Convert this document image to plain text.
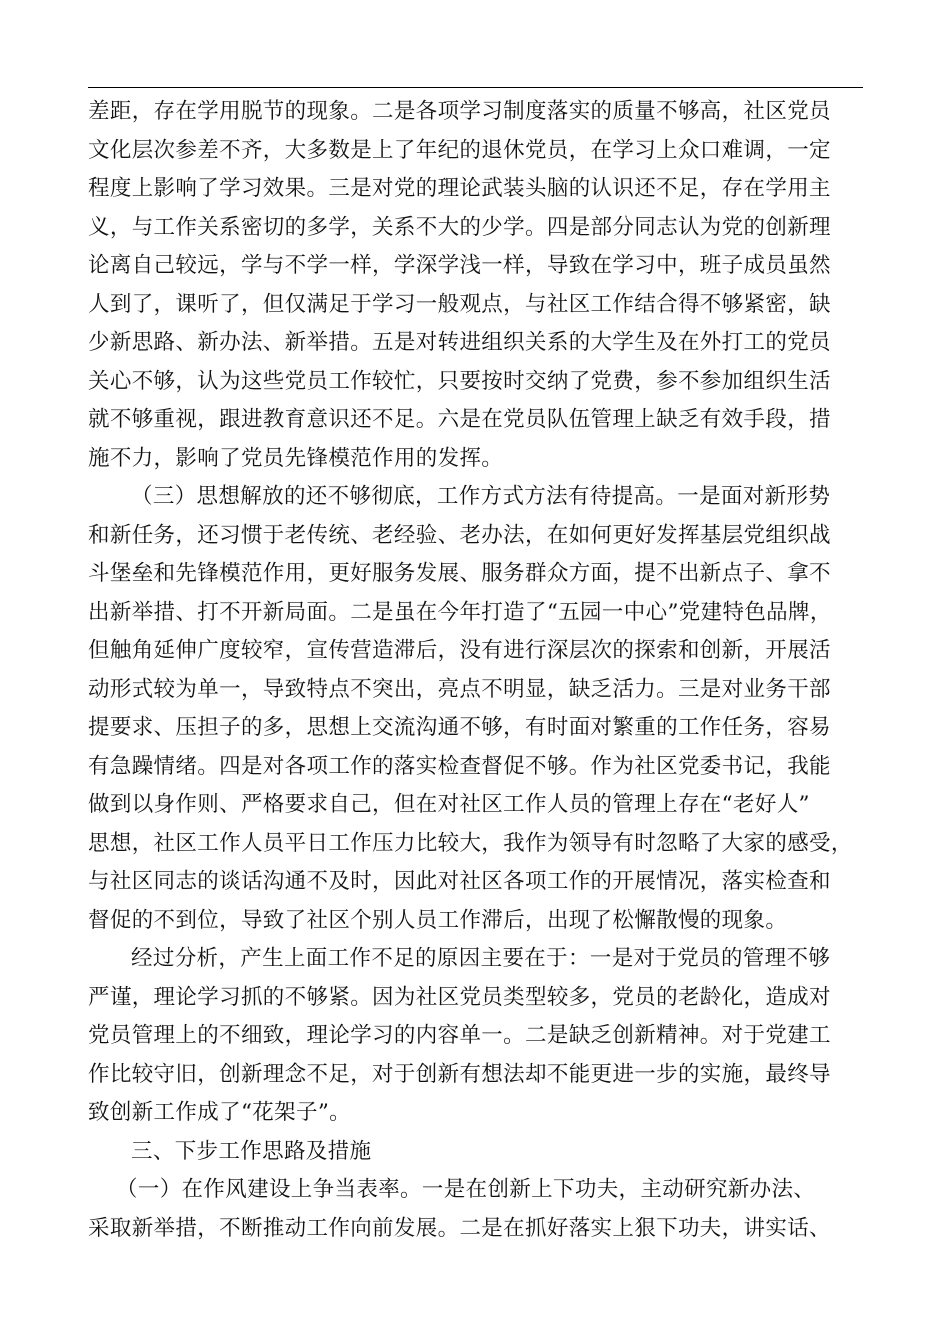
差距，存在学用脱节的现象。二是各项学习制度落实的质量不够高，社区党员
文化层次参差不齐，大多数是上了年纪的退休党员，在学习上众口难调，一定
程度上影响了学习效果。三是对党的理论武装头脑的认识还不足，存在学用主
义，与工作关系密切的多学，关系不大的少学。四是部分同志认为党的创新理
论离自己较远，学与不学一样，学深学浅一样，导致在学习中，班子成员虽然
人到了，课听了，但仅满足于学习一般观点，与社区工作结合得不够紧密，缺
少新思路、新办法、新举措。五是对转进组织关系的大学生及在外打工的党员
关心不够，认为这些党员工作较忙，只要按时交纳了党费，参不参加组织生活
就不够重视，跟进教育意识还不足。六是在党员队伍管理上缺乏有效手段，措
施不力，影响了党员先锋模范作用的发挥。
（三）思想解放的还不够彻底，工作方式方法有待提高。一是面对新形势
和新任务，还习惯于老传统、老经验、老办法，在如何更好发挥基层党组织战
斗堡垒和先锋模范作用，更好服务发展、服务群众方面，提不出新点子、拿不
出新举措、打不开新局面。二是虽在今年打造了“五园一中心”党建特色品牌，
但触角延伸广度较窄，宣传营造滞后，没有进行深层次的探索和创新，开展活
动形式较为单一，导致特点不突出，亮点不明显，缺乏活力。三是对业务干部
提要求、压担子的多，思想上交流沟通不够，有时面对繁重的工作任务，容易
有急躁情绪。四是对各项工作的落实检查督促不够。作为社区党委书记，我能
做到以身作则、严格要求自己，但在对社区工作人员的管理上存在“老好人”
思想，社区工作人员平日工作压力比较大，我作为领导有时忽略了大家的感受，
与社区同志的谈话沟通不及时，因此对社区各项工作的开展情况，落实检查和
督促的不到位，导致了社区个别人员工作滞后，出现了松懈散慢的现象。
经过分析，产生上面工作不足的原因主要在于：一是对于党员的管理不够
严谨，理论学习抓的不够紧。因为社区党员类型较多，党员的老龄化，造成对
党员管理上的不细致，理论学习的内容单一。二是缺乏创新精神。对于党建工
作比较守旧，创新理念不足，对于创新有想法却不能更进一步的实施，最终导
致创新工作成了“花架子”。
三、下步工作思路及措施
（一）在作风建设上争当表率。一是在创新上下功夫，主动研究新办法、
采取新举措，不断推动工作向前发展。二是在抓好落实上狠下功夫，讲实话、
